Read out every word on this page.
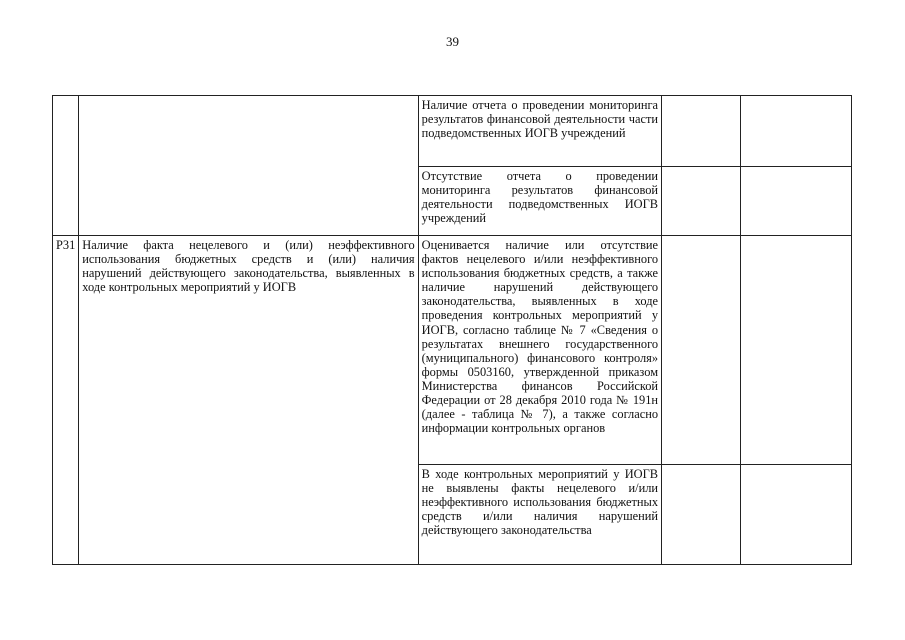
39
		Наличие отчета о проведении мониторинга результатов финансовой деятельности части подведомственных ИОГВ учреждений		
		Отсутствие отчета о проведении мониторинга результатов финансовой деятельности подведомственных ИОГВ учреждений		
Р31	Наличие факта нецелевого и (или) неэффективного использования бюджетных средств и (или) наличия нарушений действующего законодательства, выявленных в ходе контрольных мероприятий у ИОГВ	Оценивается наличие или отсутствие фактов нецелевого и/или неэффективного использования бюджетных средств, а также наличие нарушений действующего законодательства, выявленных в ходе проведения контрольных мероприятий у ИОГВ, согласно таблице № 7 «Сведения о результатах внешнего государственного (муниципального) финансового контроля» формы 0503160, утвержденной приказом Министерства финансов Российской Федерации от 28 декабря 2010 года № 191н (далее - таблица № 7), а также согласно информации контрольных органов		
		В ходе контрольных мероприятий у ИОГВ не выявлены факты нецелевого и/или неэффективного использования бюджетных средств и/или наличия нарушений действующего законодательства		
